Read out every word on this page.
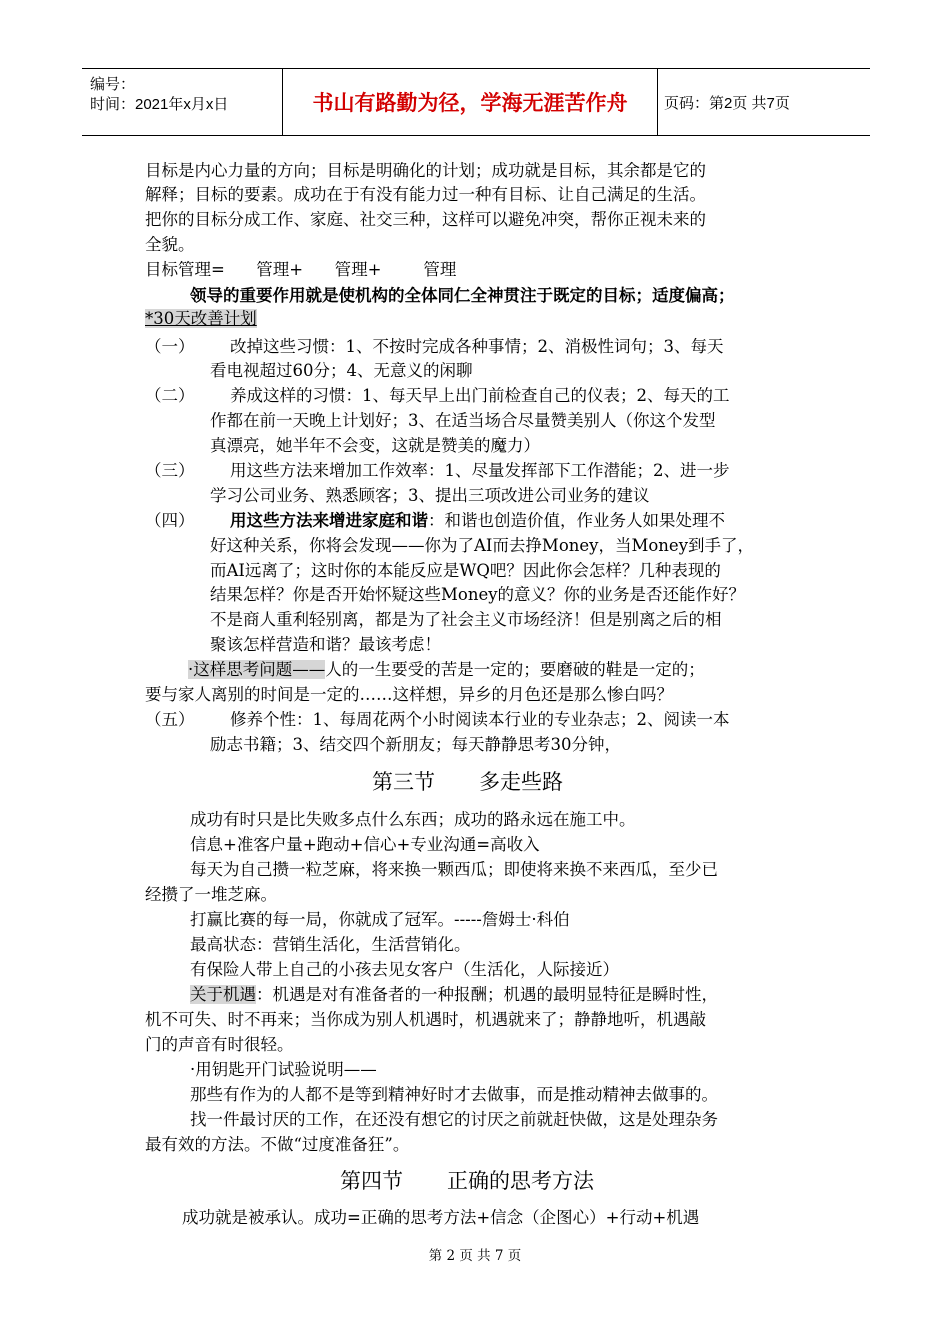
编号：
时间：2021年x月x日	书山有路勤为径，学海无涯苦作舟	页码：第2页 共7页
目标是内心力量的方向；目标是明确化的计划；成功就是目标，其余都是它的
解释；目标的要素。成功在于有没有能力过一种有目标、让自己满足的生活。
把你的目标分成工作、家庭、社交三种，这样可以避免冲突，帮你正视未来的
全貌。
目标管理=      管理+      管理+        管理
领导的重要作用就是使机构的全体同仁全神贯注于既定的目标；适度偏高；
*30天改善计划
（一） 改掉这些习惯：1、不按时完成各种事情；2、消极性词句；3、每天
看电视超过60分；4、无意义的闲聊
（二） 养成这样的习惯：1、每天早上出门前检查自己的仪表；2、每天的工
作都在前一天晚上计划好；3、在适当场合尽量赞美别人（你这个发型
真漂亮，她半年不会变，这就是赞美的魔力）
（三） 用这些方法来增加工作效率：1、尽量发挥部下工作潜能；2、进一步
学习公司业务、熟悉顾客；3、提出三项改进公司业务的建议
（四） 用这些方法来增进家庭和谐：和谐也创造价值，作业务人如果处理不
好这种关系，你将会发现——你为了AI而去挣Money，当Money到手了，
而AI远离了；这时你的本能反应是WQ吧？因此你会怎样？几种表现的
结果怎样？你是否开始怀疑这些Money的意义？你的业务是否还能作好？
不是商人重利轻别离，都是为了社会主义市场经济！但是别离之后的相
聚该怎样营造和谐？最该考虑！
·这样思考问题——人的一生要受的苦是一定的；要磨破的鞋是一定的；
要与家人离别的时间是一定的……这样想，异乡的月色还是那么惨白吗？
（五） 修养个性：1、每周花两个小时阅读本行业的专业杂志；2、阅读一本
励志书籍；3、结交四个新朋友；每天静静思考30分钟，
第三节 多走些路
成功有时只是比失败多点什么东西；成功的路永远在施工中。
信息+准客户量+跑动+信心+专业沟通=高收入
每天为自己攒一粒芝麻，将来换一颗西瓜；即使将来换不来西瓜，至少已
经攒了一堆芝麻。
打赢比赛的每一局，你就成了冠军。-----詹姆士·科伯
最高状态：营销生活化，生活营销化。
有保险人带上自己的小孩去见女客户（生活化，人际接近）
关于机遇：机遇是对有准备者的一种报酬；机遇的最明显特征是瞬时性，
机不可失、时不再来；当你成为别人机遇时，机遇就来了；静静地听，机遇敲
门的声音有时很轻。
·用钥匙开门试验说明——
那些有作为的人都不是等到精神好时才去做事，而是推动精神去做事的。
找一件最讨厌的工作，在还没有想它的讨厌之前就赶快做，这是处理杂务
最有效的方法。不做“过度准备狂”。
第四节 正确的思考方法
成功就是被承认。成功=正确的思考方法+信念（企图心）+行动+机遇
第 2 页 共 7 页
